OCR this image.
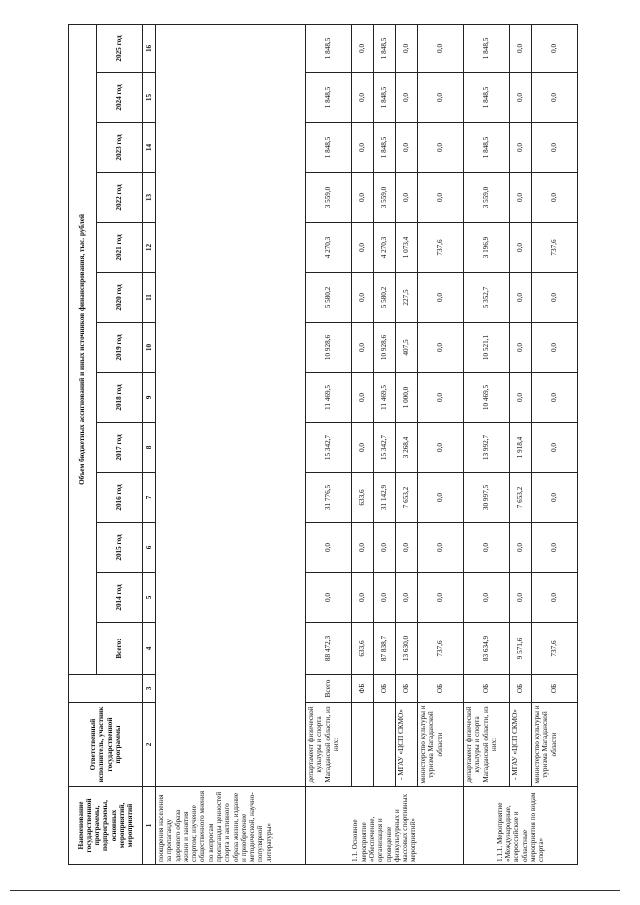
Наименование государственной программы, подпрограммы, основных мероприятий, мероприятий	Ответственный исполнитель, участник государственной программы		Объем бюджетных ассигнований и иных источников финансирования, тыс. рублей												
			Всего:	2014 год	2015 год	2016 год	2017 год	2018 год	2019 год	2020 год	2021 год	2022 год	2023 год	2024 год	2025 год
1	2	3	4	5	6	7	8	9	10	11	12	13	14	15	16
поощрения населения за пропаганду здорового образа жизни и занятия спортом; изучение общественного мнения по вопросам пропаганды ценностей спорта и активного образа жизни, издание и приобретение методической, научно-популярной литературы»															
1.1. Основное мероприятие «Обеспечение, организация и проведение физкультурных и массовых спортивных мероприятий»	департамент физической культуры и спорта Магаданской области, из них:	Всего	88 472,3	0,0	0,0	31 776,5	15 342,7	11 469,5	10 928,6	5 580,2	4 270,3	3 559,0	1 848,5	1 848,5	1 848,5
		ФБ	633,6	0,0	0,0	633,6	0,0	0,0	0,0	0,0	0,0	0,0	0,0	0,0	0,0
		ОБ	87 838,7	0,0	0,0	31 142,9	15 342,7	11 469,5	10 928,6	5 580,2	4 270,3	3 559,0	1 848,5	1 848,5	1 848,5
	- МГАУ «ЦСП СКМО»	ОБ	13 630,0	0,0	0,0	7 653,2	3 268,4	1 000,0	407,5	227,5	1 073,4	0,0	0,0	0,0	0,0
	министерство культуры и туризма Магаданской области	ОБ	737,6	0,0	0,0	0,0	0,0	0,0	0,0	0,0	737,6	0,0	0,0	0,0	0,0
1.1.1. Мероприятие «Международные, всероссийские и областные мероприятия по видам спорта»	департамент физической культуры и спорта Магаданской области, из них:	ОБ	83 634,9	0,0	0,0	30 997,5	13 992,7	10 469,5	10 521,1	5 352,7	3 196,9	3 559,0	1 848,5	1 848,5	1 848,5
	- МГАУ «ЦСП СКМО»	ОБ	9 571,6	0,0	0,0	7 653,2	1 918,4	0,0	0,0	0,0	0,0	0,0	0,0	0,0	0,0
	министерство культуры и туризма Магаданской области	ОБ	737,6	0,0	0,0	0,0	0,0	0,0	0,0	0,0	737,6	0,0	0,0	0,0	0,0
